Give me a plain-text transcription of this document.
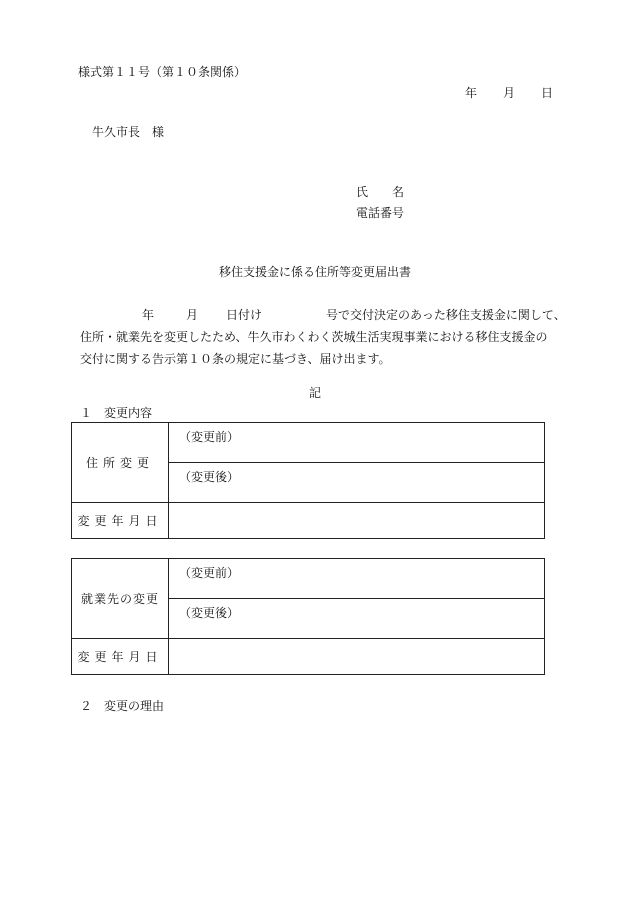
様式第１１号（第１０条関係）
年 月 日
牛久市長　様
氏　　名
電話番号
移住支援金に係る住所等変更届出書
年	月 日付け	号で交付決定のあった移住支援金に関して、
住所・就業先を変更したため、牛久市わくわく茨城生活実現事業における移住支援金の
交付に関する告示第１０条の規定に基づき、届け出ます。
記
１ 変更内容
住所変更	（変更前）
	（変更後）
変更年月日	
就業先の変更	（変更前）
	（変更後）
変更年月日	
２ 変更の理由
